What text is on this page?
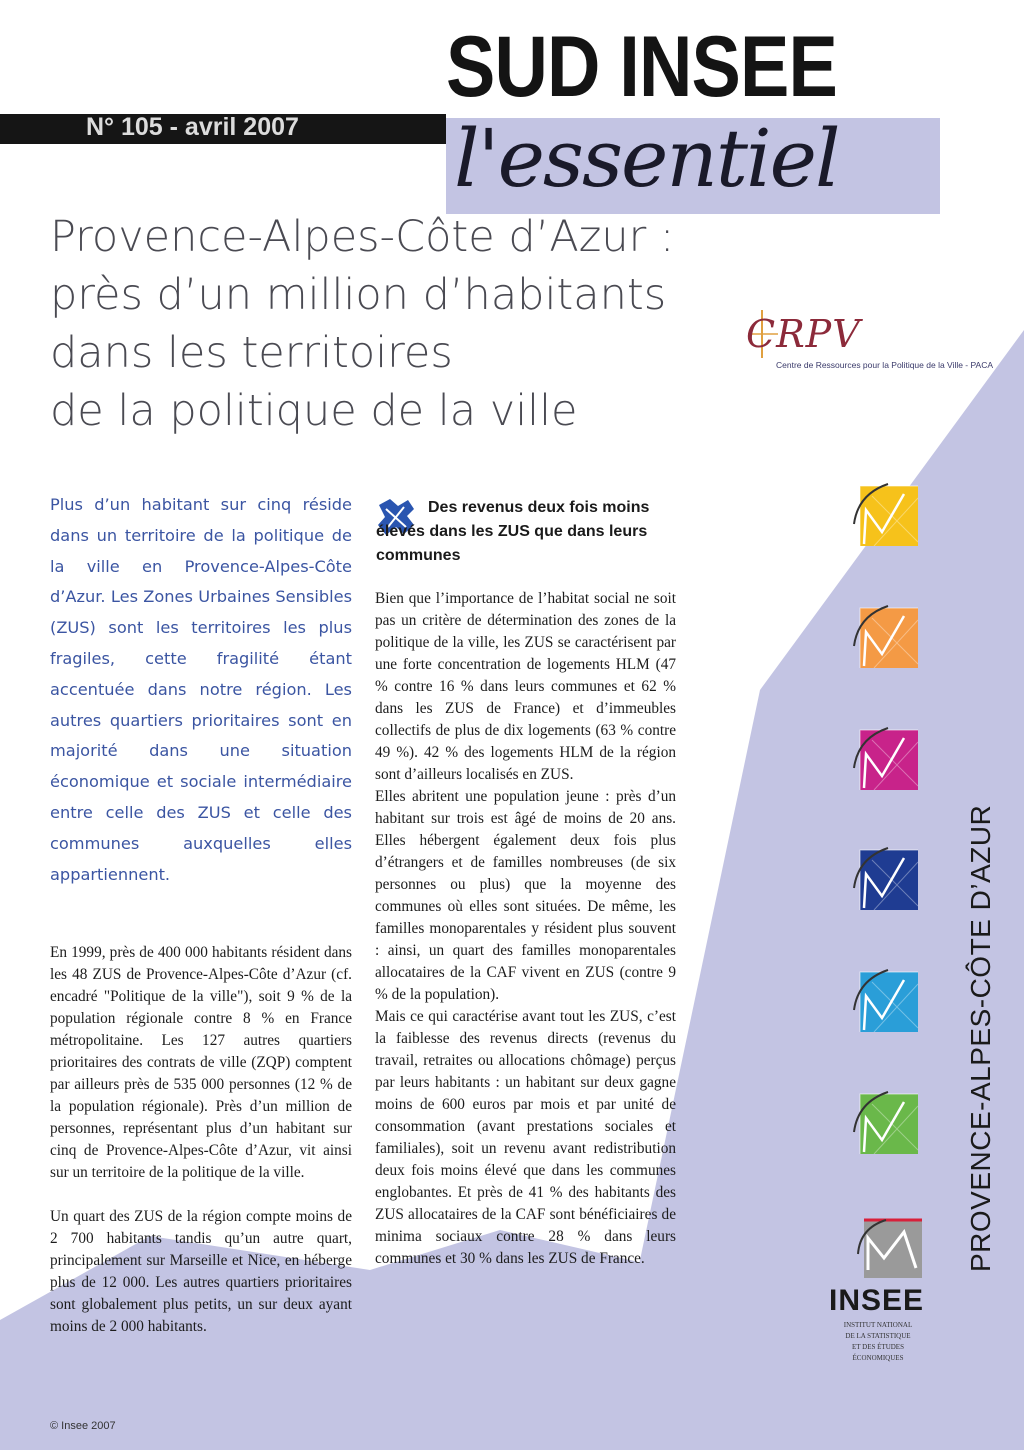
SUD INSEE
N° 105 - avril 2007 l'essentiel
Provence-Alpes-Côte d’Azur :
près d’un million d’habitants
dans les territoires
de la politique de la ville
CRPV
Centre de Ressources pour la Politique de la Ville - PACA
Plus d’un habitant sur cinq réside dans un territoire de la politique de la ville en Provence-Alpes-Côte d’Azur. Les Zones Urbaines Sensibles (ZUS) sont les territoires les plus fragiles, cette fragilité étant accentuée dans notre région. Les autres quartiers prioritaires sont en majorité dans une situation économique et sociale intermédiaire entre celle des ZUS et celle des communes auxquelles elles appartiennent.

En 1999, près de 400 000 habitants résident dans les 48 ZUS de Provence-Alpes-Côte d’Azur (cf. encadré "Politique de la ville"), soit 9 % de la population régionale contre 8 % en France métropolitaine. Les 127 autres quartiers prioritaires des contrats de ville (ZQP) comptent par ailleurs près de 535 000 personnes (12 % de la population régionale). Près d’un million de personnes, représentant plus d’un habitant sur cinq de Provence-Alpes-Côte d’Azur, vit ainsi sur un territoire de la politique de la ville.

Un quart des ZUS de la région compte moins de 2 700 habitants tandis qu’un autre quart, principalement sur Marseille et Nice, en héberge plus de 12 000. Les autres quartiers prioritaires sont globalement plus petits, un sur deux ayant moins de 2 000 habitants.

Des revenus deux fois moins élevés dans les ZUS que dans leurs communes

Bien que l’importance de l’habitat social ne soit pas un critère de détermination des zones de la politique de la ville, les ZUS se caractérisent par une forte concentration de logements HLM (47 % contre 16 % dans leurs communes et 62 % dans les ZUS de France) et d’immeubles collectifs de plus de dix logements (63 % contre 49 %). 42 % des logements HLM de la région sont d’ailleurs localisés en ZUS.

Elles abritent une population jeune : près d’un habitant sur trois est âgé de moins de 20 ans. Elles hébergent également deux fois plus d’étrangers et de familles nombreuses (de six personnes ou plus) que la moyenne des communes où elles sont situées. De même, les familles monoparentales y résident plus souvent : ainsi, un quart des familles monoparentales allocataires de la CAF vivent en ZUS (contre 9 % de la population).

Mais ce qui caractérise avant tout les ZUS, c’est la faiblesse des revenus directs (revenus du travail, retraites ou allocations chômage) perçus par leurs habitants : un habitant sur deux gagne moins de 600 euros par mois et par unité de consommation (avant prestations sociales et familiales), soit un revenu avant redistribution deux fois moins élevé que dans les communes englobantes. Et près de 41 % des habitants des ZUS allocataires de la CAF sont bénéficiaires de minima sociaux contre 28 % dans leurs communes et 30 % dans les ZUS de France.

INSEE
INSTITUT NATIONAL
DE LA STATISTIQUE
ET DES ÉTUDES
ÉCONOMIQUES
PROVENCE-ALPES-CÔTE D’AZUR
© Insee 2007
